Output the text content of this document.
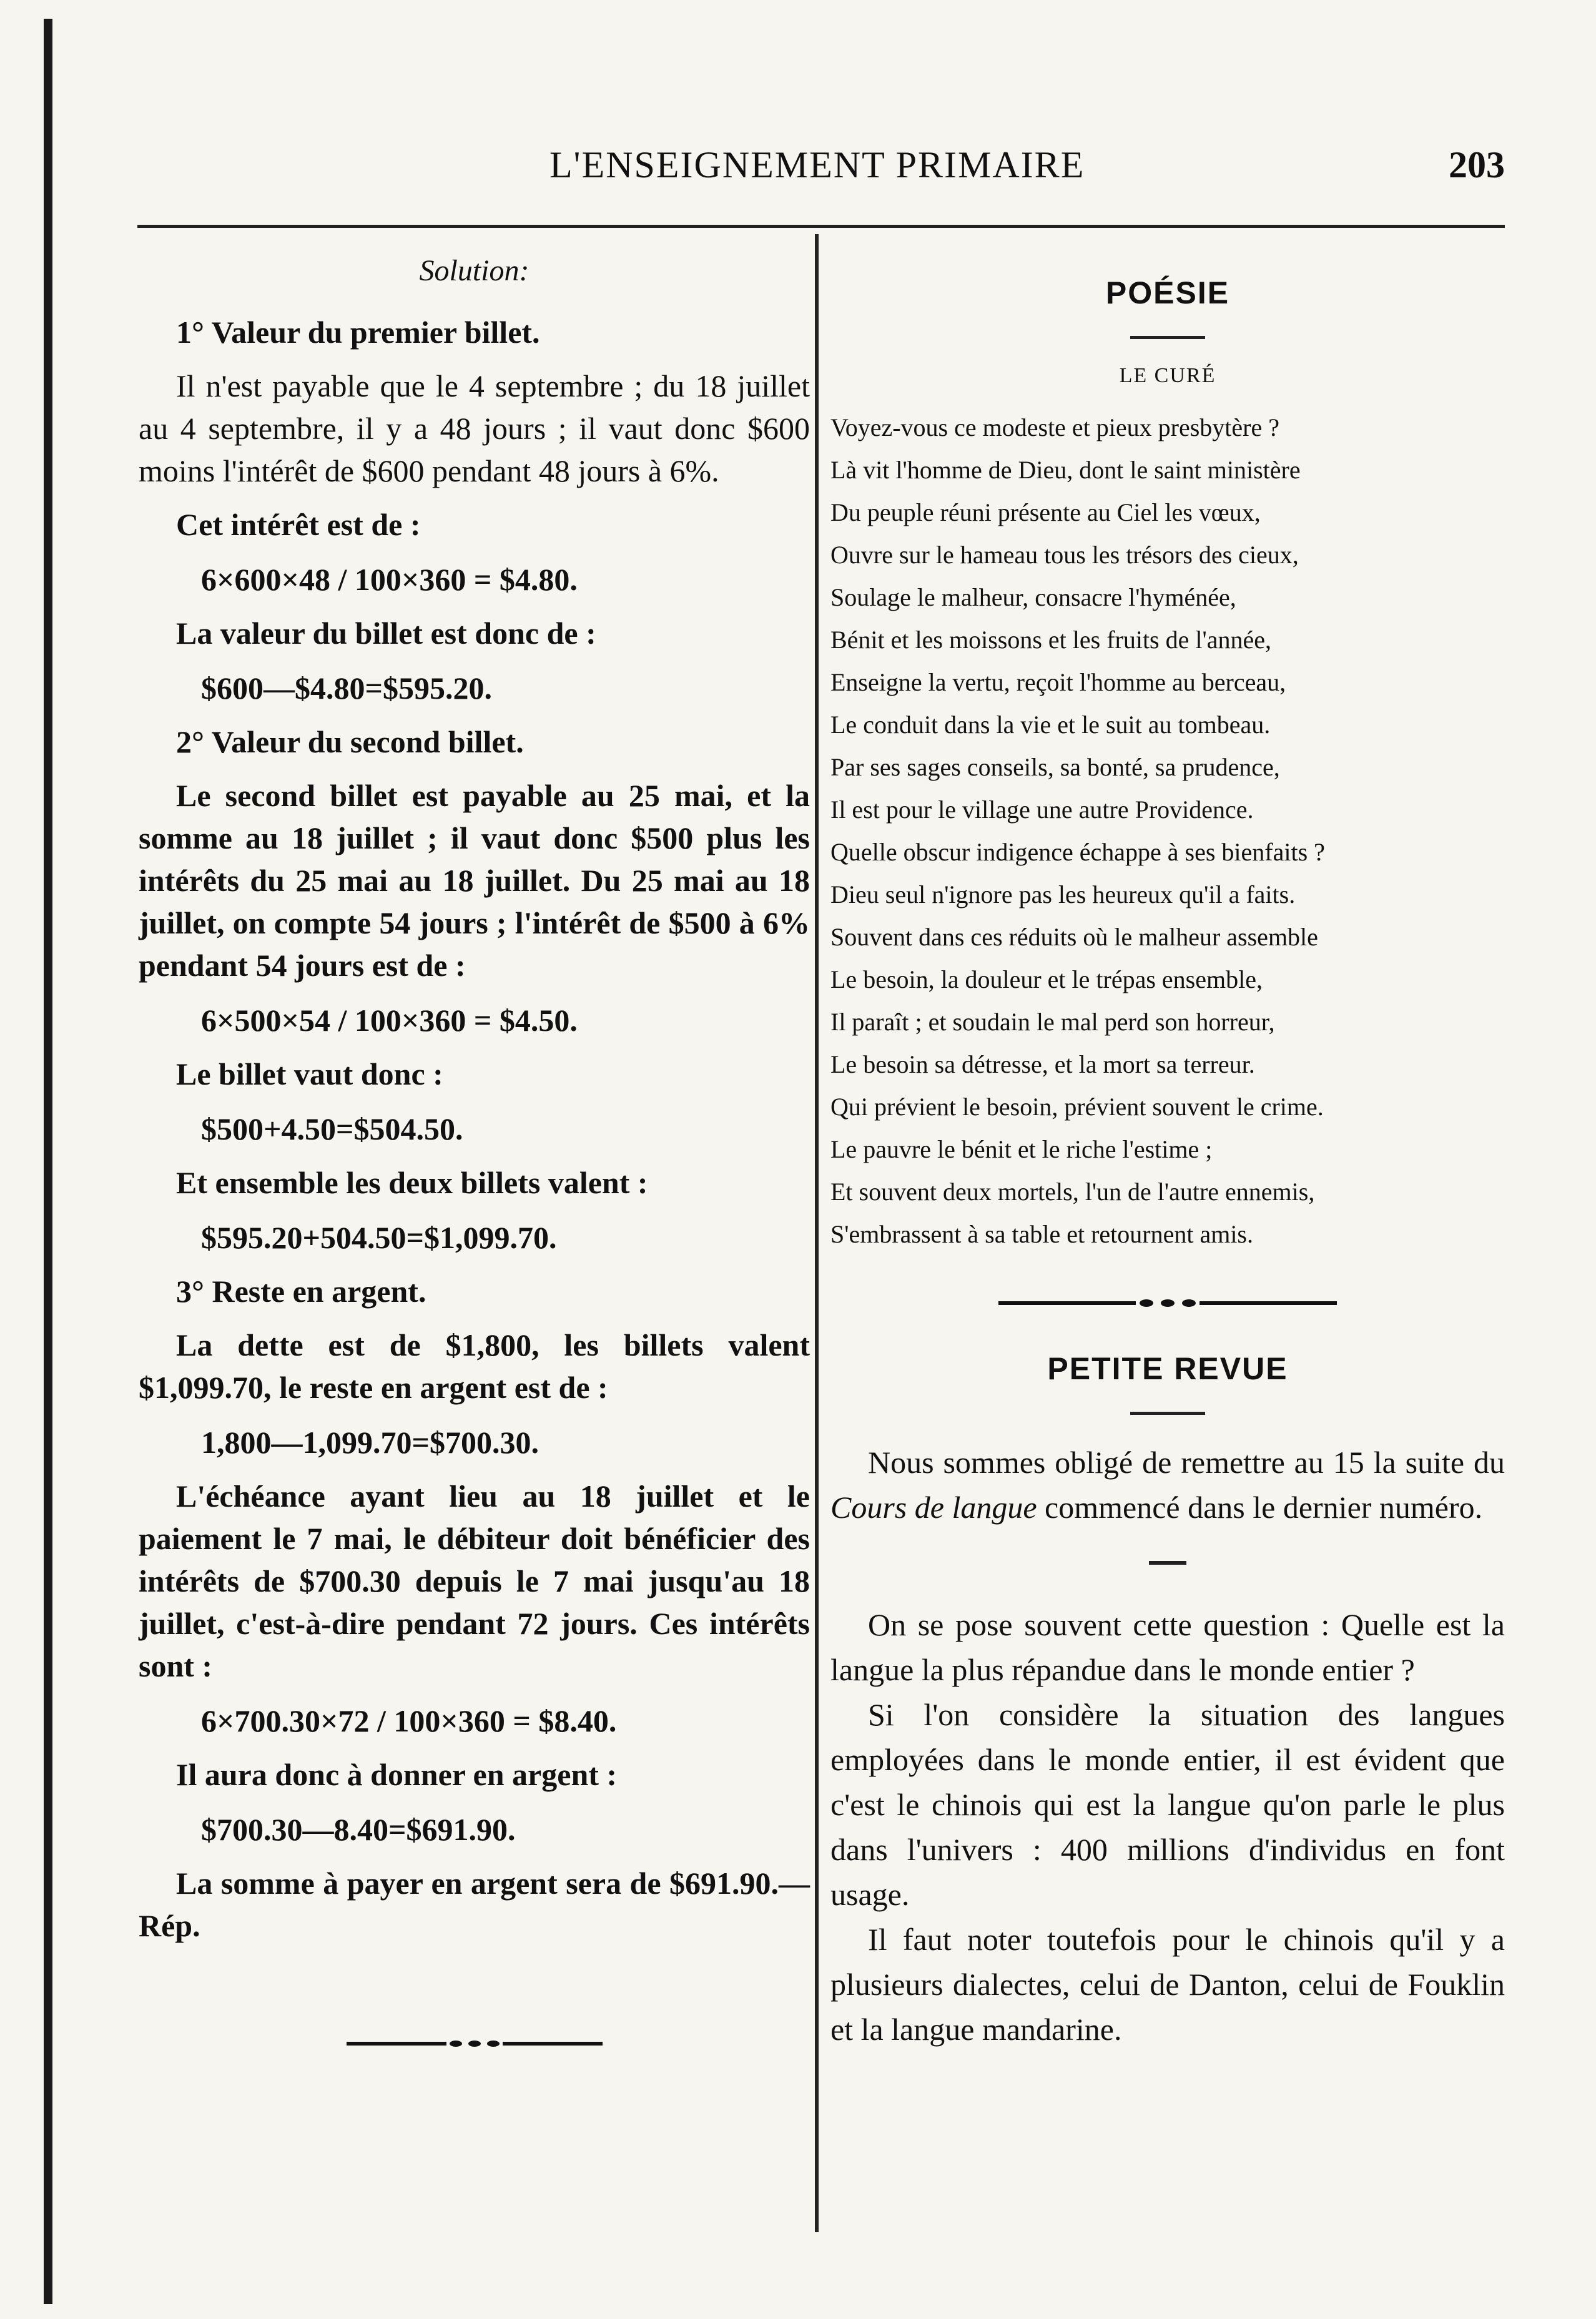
L'ENSEIGNEMENT PRIMAIRE	203

Solution:

1° Valeur du premier billet.

Il n'est payable que le 4 septembre ; du 18 juillet au 4 septembre, il y a 48 jours ; il vaut donc $600 moins l'intérêt de $600 pendant 48 jours à 6%.

Cet intérêt est de :

6×600×48 / 100×360 = $4.80.

La valeur du billet est donc de :

$600—$4.80=$595.20.

2° Valeur du second billet.

Le second billet est payable au 25 mai, et la somme au 18 juillet ; il vaut donc $500 plus les intérêts du 25 mai au 18 juillet. Du 25 mai au 18 juillet, on compte 54 jours ; l'intérêt de $500 à 6% pendant 54 jours est de :

6×500×54 / 100×360 = $4.50.

Le billet vaut donc :

$500+4.50=$504.50.

Et ensemble les deux billets valent :

$595.20+504.50=$1,099.70.

3° Reste en argent.

La dette est de $1,800, les billets valent $1,099.70, le reste en argent est de :

1,800—1,099.70=$700.30.

L'échéance ayant lieu au 18 juillet et le paiement le 7 mai, le débiteur doit bénéficier des intérêts de $700.30 depuis le 7 mai jusqu'au 18 juillet, c'est-à-dire pendant 72 jours. Ces intérêts sont :

6×700.30×72 / 100×360 = $8.40.

Il aura donc à donner en argent :

$700.30—8.40=$691.90.

La somme à payer en argent sera de $691.90.—Rép.

POÉSIE
LE CURÉ

Voyez-vous ce modeste et pieux presbytère ?

Là vit l'homme de Dieu, dont le saint ministère

Du peuple réuni présente au Ciel les vœux,

Ouvre sur le hameau tous les trésors des cieux,

Soulage le malheur, consacre l'hyménée,

Bénit et les moissons et les fruits de l'année,

Enseigne la vertu, reçoit l'homme au berceau,

Le conduit dans la vie et le suit au tombeau.

Par ses sages conseils, sa bonté, sa prudence,

Il est pour le village une autre Providence.

Quelle obscur indigence échappe à ses bienfaits ?

Dieu seul n'ignore pas les heureux qu'il a faits.

Souvent dans ces réduits où le malheur assemble

Le besoin, la douleur et le trépas ensemble,

Il paraît ; et soudain le mal perd son horreur,

Le besoin sa détresse, et la mort sa terreur.

Qui prévient le besoin, prévient souvent le crime.

Le pauvre le bénit et le riche l'estime ;

Et souvent deux mortels, l'un de l'autre ennemis,

S'embrassent à sa table et retournent amis.

PETITE REVUE

Nous sommes obligé de remettre au 15 la suite du Cours de langue commencé dans le dernier numéro.

On se pose souvent cette question : Quelle est la langue la plus répandue dans le monde entier ?

Si l'on considère la situation des langues employées dans le monde entier, il est évident que c'est le chinois qui est la langue qu'on parle le plus dans l'univers : 400 millions d'individus en font usage.

Il faut noter toutefois pour le chinois qu'il y a plusieurs dialectes, celui de Danton, celui de Fouklin et la langue mandarine.
